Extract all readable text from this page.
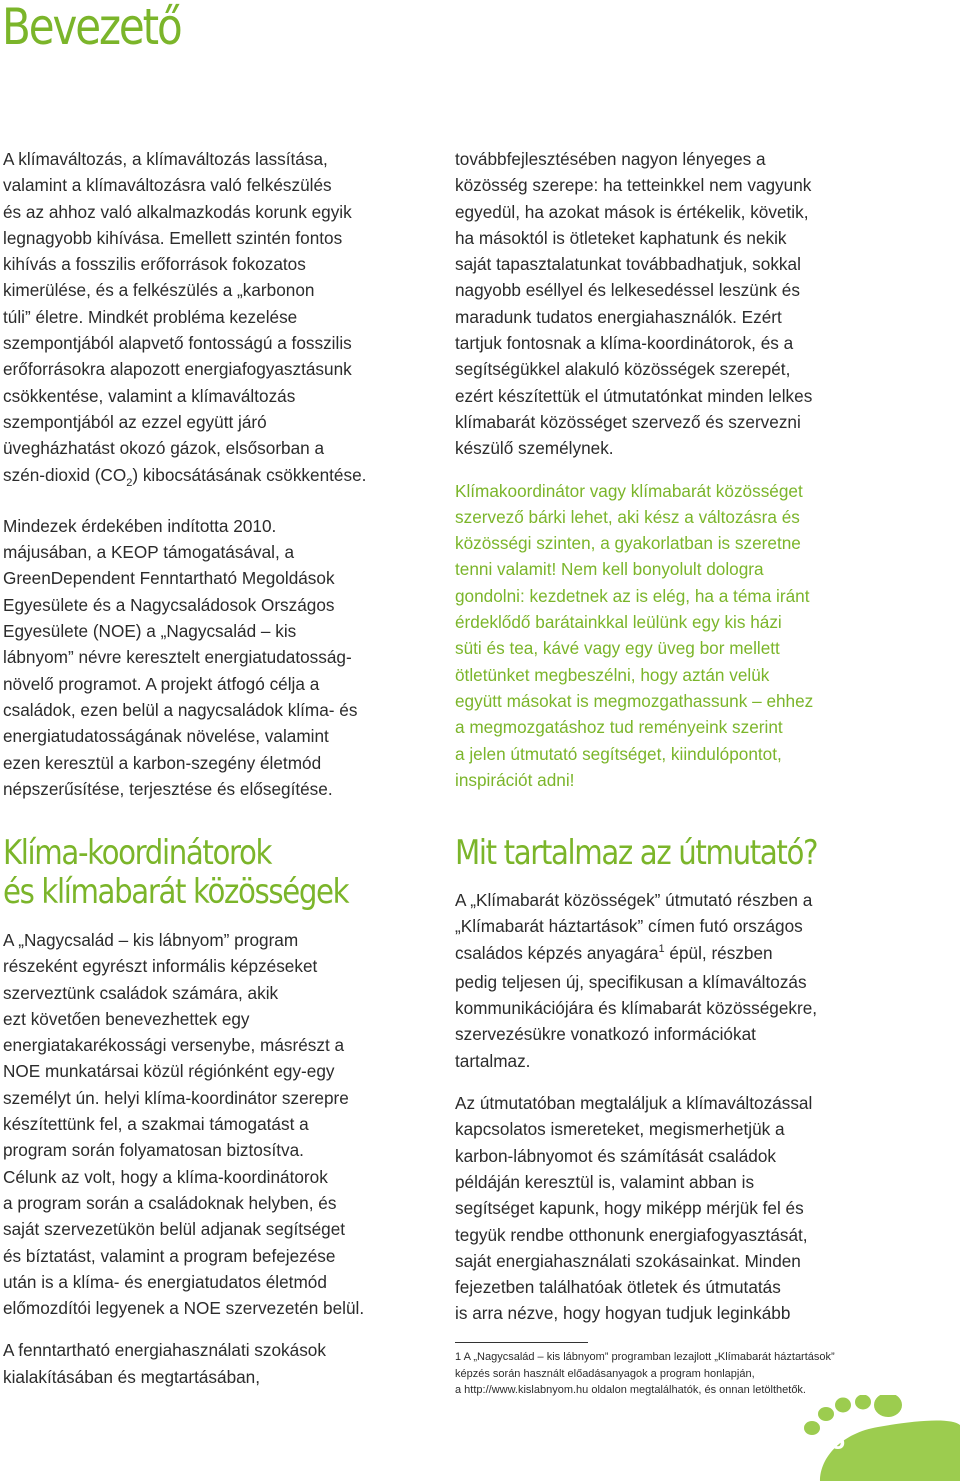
Bevezető

A klímaváltozás, a klímaváltozás lassítása,

valamint a klímaváltozásra való felkészülés

és az ahhoz való alkalmazkodás korunk egyik

legnagyobb kihívása. Emellett szintén fontos

kihívás a fosszilis erőforrások fokozatos

kimerülése, és a felkészülés a „karbonon

túli” életre. Mindkét probléma kezelése

szempontjából alapvető fontosságú a fosszilis

erőforrásokra alapozott energiafogyasztásunk

csökkentése, valamint a klímaváltozás

szempontjából az ezzel együtt járó

üvegházhatást okozó gázok, elsősorban a

szén-dioxid $(CO_2)$ kibocsátásának csökkentése.

Mindezek érdekében indította 2010.

májusában, a KEOP támogatásával, a

GreenDependent Fenntartható Megoldások

Egyesülete és a Nagycsaládosok Országos

Egyesülete (NOE) a „Nagycsalád – kis

lábnyom” névre keresztelt energiatudatosság-

növelő programot. A projekt átfogó célja a

családok, ezen belül a nagycsaládok klíma- és

energiatudatosságának növelése, valamint

ezen keresztül a karbon-szegény életmód

népszerűsítése, terjesztése és elősegítése.

továbbfejlesztésében nagyon lényeges a

közösség szerepe: ha tetteinkkel nem vagyunk

egyedül, ha azokat mások is értékelik, követik,

ha másoktól is ötleteket kaphatunk és nekik

saját tapasztalatunkat továbbadhatjuk, sokkal

nagyobb eséllyel és lelkesedéssel leszünk és

maradunk tudatos energiahasználók. Ezért

tartjuk fontosnak a klíma-koordinátorok, és a

segítségükkel alakuló közösségek szerepét,

ezért készítettük el útmutatónkat minden lelkes

klímabarát közösséget szervező és szervezni

készülő személynek.

Klímakoordinátor vagy klímabarát közösséget

szervező bárki lehet, aki kész a változásra és

közösségi szinten, a gyakorlatban is szeretne

tenni valamit! Nem kell bonyolult dologra

gondolni: kezdetnek az is elég, ha a téma iránt

érdeklődő barátainkkal leülünk egy kis házi

süti és tea, kávé vagy egy üveg bor mellett

ötletünket megbeszélni, hogy aztán velük

együtt másokat is megmozgathassunk – ehhez

a megmozgatáshoz tud reményeink szerint

a jelen útmutató segítséget, kiindulópontot,

inspirációt adni!

Klíma-koordinátorok
és klímabarát közösségek
Mit tartalmaz az útmutató?

A „Nagycsalád – kis lábnyom” program

részeként egyrészt informális képzéseket

szerveztünk családok számára, akik

ezt követően benevezhettek egy

energiatakarékossági versenybe, másrészt a

NOE munkatársai közül régiónként egy-egy

személyt ún. helyi klíma-koordinátor szerepre

készítettünk fel, a szakmai támogatást a

program során folyamatosan biztosítva.

Célunk az volt, hogy a klíma-koordinátorok

a program során a családoknak helyben, és

saját szervezetükön belül adjanak segítséget

és bíztatást, valamint a program befejezése

után is a klíma- és energiatudatos életmód

előmozdítói legyenek a NOE szervezetén belül.

A fenntartható energiahasználati szokások

kialakításában és megtartásában,

A „Klímabarát közösségek” útmutató részben a

„Klímabarát háztartások” címen futó országos

családos képzés anyagára$^1$ épül, részben

pedig teljesen új, specifikusan a klímaváltozás

kommunikációjára és klímabarát közösségekre,

szervezésükre vonatkozó információkat

tartalmaz.

Az útmutatóban megtaláljuk a klímaváltozással

kapcsolatos ismereteket, megismerhetjük a

karbon-lábnyomot és számítását családok

példáján keresztül is, valamint abban is

segítséget kapunk, hogy miképp mérjük fel és

tegyük rendbe otthonunk energiafogyasztását,

saját energiahasználati szokásainkat. Minden

fejezetben találhatóak ötletek és útmutatás

is arra nézve, hogy hogyan tudjuk leginkább

1 A „Nagycsalád – kis lábnyom” programban lezajlott „Klímabarát háztartások”

képzés során használt előadásanyagok a program honlapján,

a http://www.kislabnyom.hu oldalon megtalálhatók, és onnan letölthetők.

5
